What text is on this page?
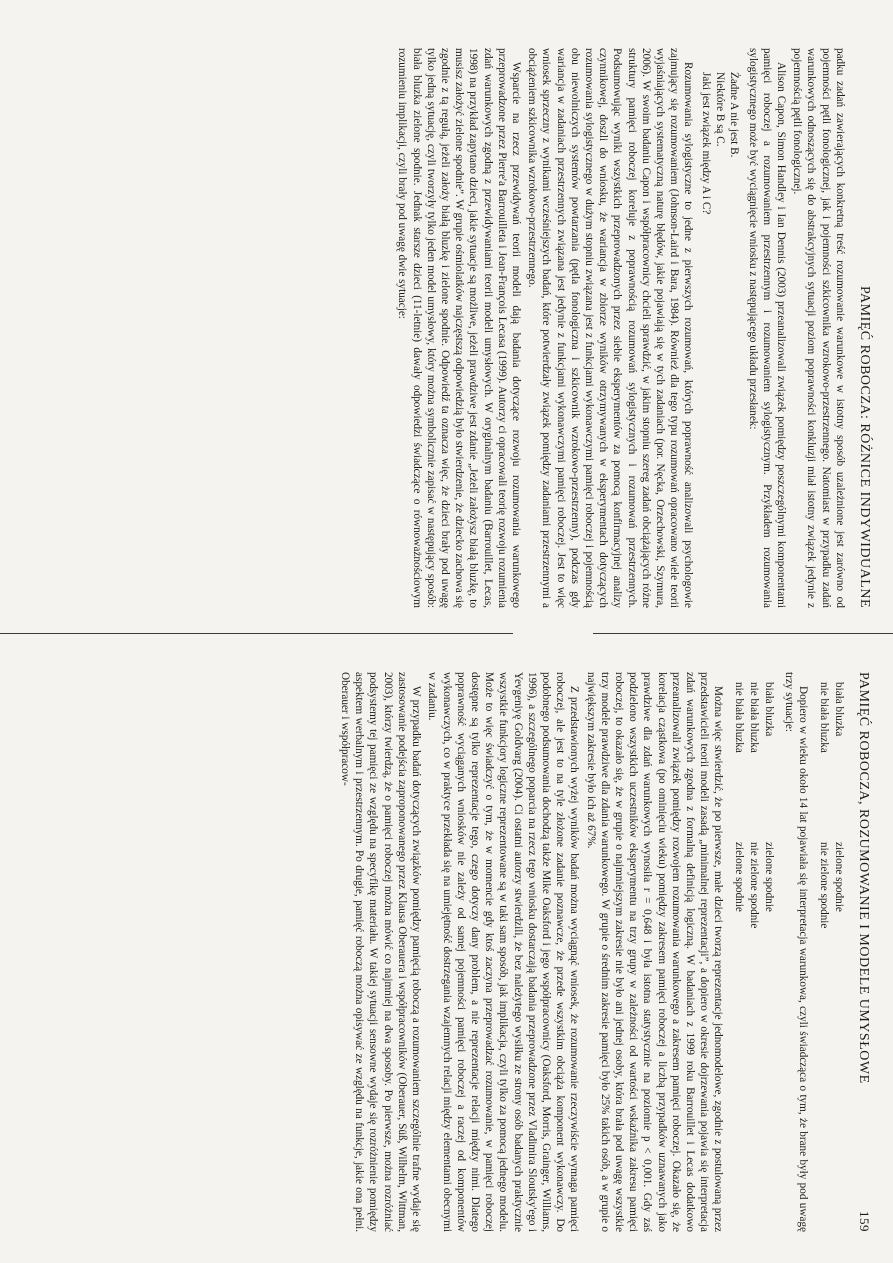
PAMIĘĆ ROBOCZA: RÓŻNICE INDYWIDUALNE

padku zadań zawierających konkretną treść rozumowanie warunkowe w istotny sposób uzależnione jest zarówno od pojemności pętli fonologicznej, jak i pojemności szkicownika wzrokowo-przestrzennego. Natomiast w przypadku zadań warunkowych odnoszących się do abstrakcyjnych sytuacji poziom poprawności konkluzji miał istotny związek jedynie z pojemnością pętli fonologicznej.

Alison Capon, Simon Handley i Ian Dennis (2003) przeanalizowali związek pomiędzy poszczególnymi komponentami pamięci roboczej a rozumowaniem przestrzennym i rozumowaniem sylogistycznym. Przykładem rozumowania sylogistycznego może być wyciągnięcie wniosku z następującego układu przesłanek:

Żadne A nie jest B.
Niektóre B są C.
Jaki jest związek między A i C?

Rozumowania sylogistyczne to jedne z pierwszych rozumowań, których poprawność analizowali psychologowie zajmujący się rozumowaniem (Johnson-Laird i Bara, 1984). Również dla tego typu rozumowań opracowano wiele teorii wyjaśniających systematyczną naturę błędów, jakie pojawiają się w tych zadaniach (por. Nęcka, Orzechowski, Szymura, 2006). W swoim badaniu Capon i współpracownicy chcieli sprawdzić, w jakim stopniu szereg zadań obciążających różne struktury pamięci roboczej koreluje z poprawnością rozumowań sylogistycznych i rozumowań przestrzennych. Podsumowując wyniki wszystkich przeprowadzonych przez siebie eksperymentów za pomocą konfirmacyjnej analizy czynnikowej, doszli do wniosku, że wariancja w zbiorze wyników otrzymywanych w eksperymentach dotyczących rozumowania sylogistycznego w dużym stopniu związana jest z funkcjami wykonawczymi pamięci roboczej i pojemnością obu niewolniczych systemów powtarzania (pętla fonologiczna i szkicownik wzrokowo-przestrzenny), podczas gdy wariancja w zadaniach przestrzennych związana jest jedynie z funkcjami wykonawczymi pamięci roboczej. Jest to więc wniosek sprzeczny z wynikami wcześniejszych badań, które potwierdzały związek pomiędzy zadaniami przestrzennymi a obciążeniem szkicownika wzrokowo-przestrzennego.

Wsparcie na rzecz przewidywań teorii modeli dają badania dotyczące rozwoju rozumowania warunkowego przeprowadzone przez Pierre'a Barrouilleta i Jean-François Lecasa (1999). Autorzy ci opracowali teorię rozwoju rozumienia zdań warunkowych zgodną z przewidywaniami teorii modeli umysłowych. W oryginalnym badaniu (Barrouillet, Lecas, 1998) na przykład zapytano dzieci, jakie sytuacje są możliwe, jeżeli prawdziwe jest zdanie „Jeżeli założysz białą bluzkę, to musisz założyć zielone spodnie”. W grupie ośmiolatków najczęstszą odpowiedzią było stwierdzenie, że dziecko zachowa się zgodnie z tą regułą, jeżeli założy białą bluzkę i zielone spodnie. Odpowiedź ta oznacza więc, że dzieci brały pod uwagę tylko jedną sytuację, czyli tworzyły tylko jeden model umysłowy, który można symbolicznie zapisać w następujący sposób: biała bluzka zielone spodnie. Jednak starsze dzieci (11-letnie) dawały odpowiedzi świadczące o równoważnościowym rozumieniu implikacji, czyli brały pod uwagę dwie sytuacje:

PAMIĘĆ ROBOCZA, ROZUMOWANIE I MODELE UMYSŁOWE
159
biała bluzka
zielone spodnie
nie biała bluzka
nie zielone spodnie

Dopiero w wieku około 14 lat pojawiała się interpretacja warunkowa, czyli świadcząca o tym, że brane były pod uwagę trzy sytuacje:

biała bluzka
zielone spodnie
nie biała bluzka
nie zielone spodnie
nie biała bluzka
zielone spodnie

Można więc stwierdzić, że po pierwsze, małe dzieci tworzą reprezentacje jednomodelowe, zgodnie z postulowaną przez przedstawicieli teorii modeli zasadą „minimalnej reprezentacji”, a dopiero w okresie dojrzewania pojawia się interpretacja zdań warunkowych zgodna z formalną definicją logiczną. W badaniach z 1999 roku Barrouillet i Lecas dodatkowo przeanalizowali związek pomiędzy rozwojem rozumowania warunkowego a zakresem pamięci roboczej. Okazało się, że korelacja cząstkowa (po ominięciu wieku) pomiędzy zakresem pamięci roboczej a liczbą przypadków uznawanych jako prawdziwe dla zdań warunkowych wynosiła r = 0,648 i była istotna statystycznie na poziomie p < 0,001. Gdy zaś podzielono wszystkich uczestników eksperymentu na trzy grupy w zależności od wartości wskaźnika zakresu pamięci roboczej, to okazało się, że w grupie o najmniejszym zakresie nie było ani jednej osoby, która brała pod uwagę wszystkie trzy modele prawdziwe dla zdania warunkowego. W grupie o średnim zakresie pamięci było 25% takich osób, a w grupie o największym zakresie było ich aż 67%.

Z przedstawionych wyżej wyników badań można wyciągnąć wniosek, że rozumowanie rzeczywiście wymaga pamięci roboczej, ale jest to na tyle złożone zadanie poznawcze, że przede wszystkim obciąża komponent wykonawczy. Do podobnego podsumowania dochodzą także Mike Oaksford i jego współpracownicy (Oaksford, Morris, Grainger, Williams, 1996), a szczególnego poparcia na rzecz tego wniosku dostarczają badania przeprowadzone przez Vladimira Sloutsky'ego i Yevgeniyę Goldvarg (2004). Ci ostatni autorzy stwierdzili, że bez należytego wysiłku ze strony osób badanych praktycznie wszystkie funkcjory logiczne reprezentowane są w taki sam sposób, jak implikacja, czyli tylko za pomocą jednego modelu. Może to więc świadczyć o tym, że w momencie gdy ktoś zaczyna przeprowadzać rozumowanie, w pamięci roboczej dostępne są tylko reprezentacje tego, czego dotyczy dany problem, a nie reprezentacje relacji między nimi. Dlatego poprawność wyciąganych wniosków nie zależy od samej pojemności pamięci roboczej a raczej od komponentów wykonawczych, co w praktyce przekłada się na umiejętność dostrzegania wzajemnych relacji między elementami obecnymi w zadaniu.

W przypadku badań dotyczących związków pomiędzy pamięcią roboczą a rozumowaniem szczególnie trafne wydaje się zastosowanie podejścia zaproponowanego przez Klausa Oberauera i współpracowników (Oberauer, Süß, Wilhelm, Wittman, 2003), którzy twierdzą, że o pamięci roboczej można mówić co najmniej na dwa sposoby. Po pierwsze, można rozróżniać podsystemy tej pamięci ze względu na specyfikę materiału. W takiej sytuacji sensowne wydaje się rozróżnienie pomiędzy aspektem werbalnym i przestrzennym. Po drugie, pamięć roboczą można opisywać ze względu na funkcje, jakie ona pełni. Oberauer i współpracow-
